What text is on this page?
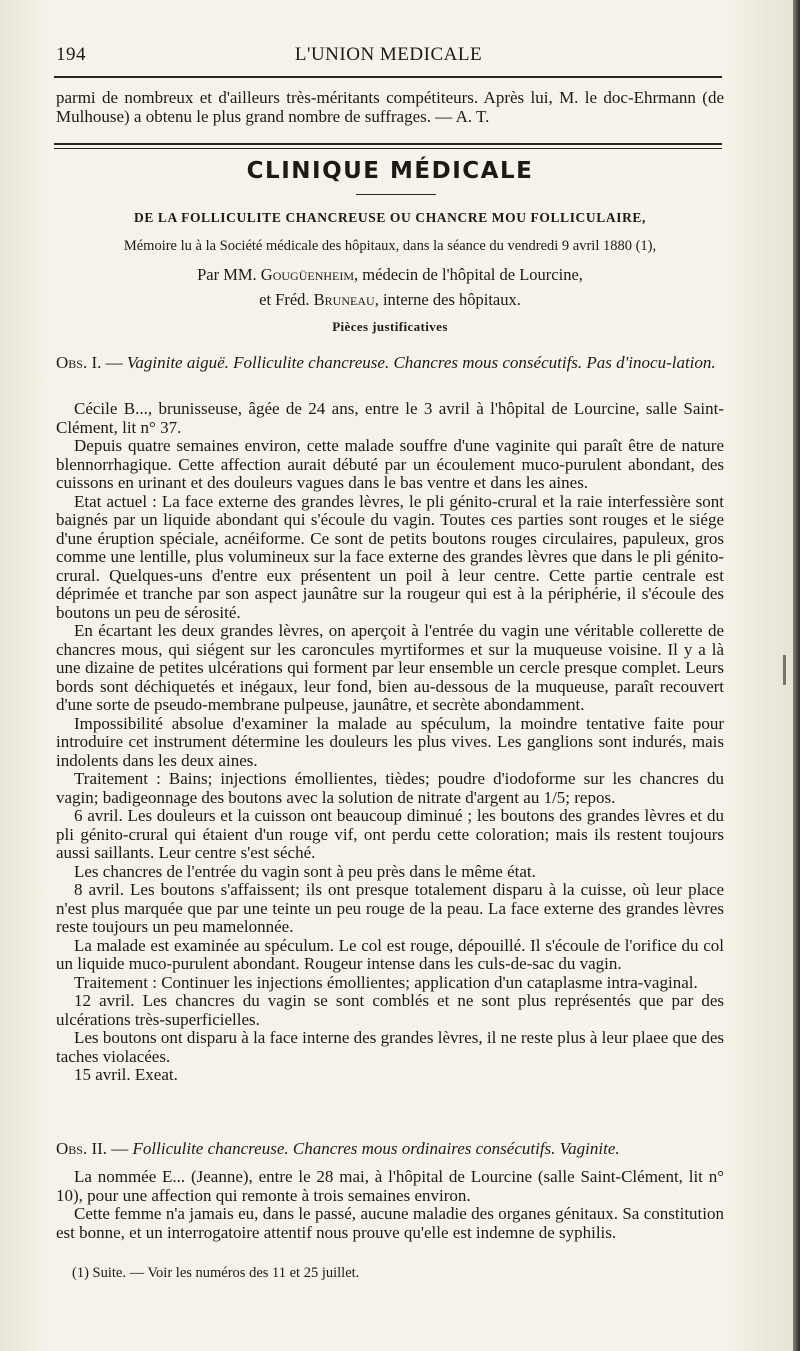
194	L'UNION MEDICALE

parmi de nombreux et d'ailleurs très-méritants compétiteurs. Après lui, M. le doc-Ehrmann (de Mulhouse) a obtenu le plus grand nombre de suffrages. — A. T.

CLINIQUE MÉDICALE
DE LA FOLLICULITE CHANCREUSE OU CHANCRE MOU FOLLICULAIRE,
Mémoire lu à la Société médicale des hôpitaux, dans la séance du vendredi 9 avril 1880 (1),
Par MM. Gougüenheim, médecin de l'hôpital de Lourcine,
et Fréd. Bruneau, interne des hôpitaux.
Pièces justificatives
Obs. I. — Vaginite aiguë. Folliculite chancreuse. Chancres mous consécutifs. Pas d'inocu-lation.

Cécile B..., brunisseuse, âgée de 24 ans, entre le 3 avril à l'hôpital de Lourcine, salle Saint-Clément, lit n° 37.

Depuis quatre semaines environ, cette malade souffre d'une vaginite qui paraît être de nature blennorrhagique. Cette affection aurait débuté par un écoulement muco-purulent abondant, des cuissons en urinant et des douleurs vagues dans le bas ventre et dans les aines.

Etat actuel : La face externe des grandes lèvres, le pli génito-crural et la raie interfessière sont baignés par un liquide abondant qui s'écoule du vagin. Toutes ces parties sont rouges et le siége d'une éruption spéciale, acnéiforme. Ce sont de petits boutons rouges circulaires, papuleux, gros comme une lentille, plus volumineux sur la face externe des grandes lèvres que dans le pli génito-crural. Quelques-uns d'entre eux présentent un poil à leur centre. Cette partie centrale est déprimée et tranche par son aspect jaunâtre sur la rougeur qui est à la périphérie, il s'écoule des boutons un peu de sérosité.

En écartant les deux grandes lèvres, on aperçoit à l'entrée du vagin une véritable collerette de chancres mous, qui siégent sur les caroncules myrtiformes et sur la muqueuse voisine. Il y a là une dizaine de petites ulcérations qui forment par leur ensemble un cercle presque complet. Leurs bords sont déchiquetés et inégaux, leur fond, bien au-dessous de la muqueuse, paraît recouvert d'une sorte de pseudo-membrane pulpeuse, jaunâtre, et secrète abondamment.

Impossibilité absolue d'examiner la malade au spéculum, la moindre tentative faite pour introduire cet instrument détermine les douleurs les plus vives. Les ganglions sont indurés, mais indolents dans les deux aines.

Traitement : Bains; injections émollientes, tièdes; poudre d'iodoforme sur les chancres du vagin; badigeonnage des boutons avec la solution de nitrate d'argent au 1/5; repos.

6 avril. Les douleurs et la cuisson ont beaucoup diminué ; les boutons des grandes lèvres et du pli génito-crural qui étaient d'un rouge vif, ont perdu cette coloration; mais ils restent toujours aussi saillants. Leur centre s'est séché.

Les chancres de l'entrée du vagin sont à peu près dans le même état.

8 avril. Les boutons s'affaissent; ils ont presque totalement disparu à la cuisse, où leur place n'est plus marquée que par une teinte un peu rouge de la peau. La face externe des grandes lèvres reste toujours un peu mamelonnée.

La malade est examinée au spéculum. Le col est rouge, dépouillé. Il s'écoule de l'orifice du col un liquide muco-purulent abondant. Rougeur intense dans les culs-de-sac du vagin.

Traitement : Continuer les injections émollientes; application d'un cataplasme intra-vaginal.

12 avril. Les chancres du vagin se sont comblés et ne sont plus représentés que par des ulcérations très-superficielles.

Les boutons ont disparu à la face interne des grandes lèvres, il ne reste plus à leur plaee que des taches violacées.

15 avril. Exeat.

Obs. II. — Folliculite chancreuse. Chancres mous ordinaires consécutifs. Vaginite.

La nommée E... (Jeanne), entre le 28 mai, à l'hôpital de Lourcine (salle Saint-Clément, lit n° 10), pour une affection qui remonte à trois semaines environ.

Cette femme n'a jamais eu, dans le passé, aucune maladie des organes génitaux. Sa constitution est bonne, et un interrogatoire attentif nous prouve qu'elle est indemne de syphilis.

(1) Suite. — Voir les numéros des 11 et 25 juillet.
